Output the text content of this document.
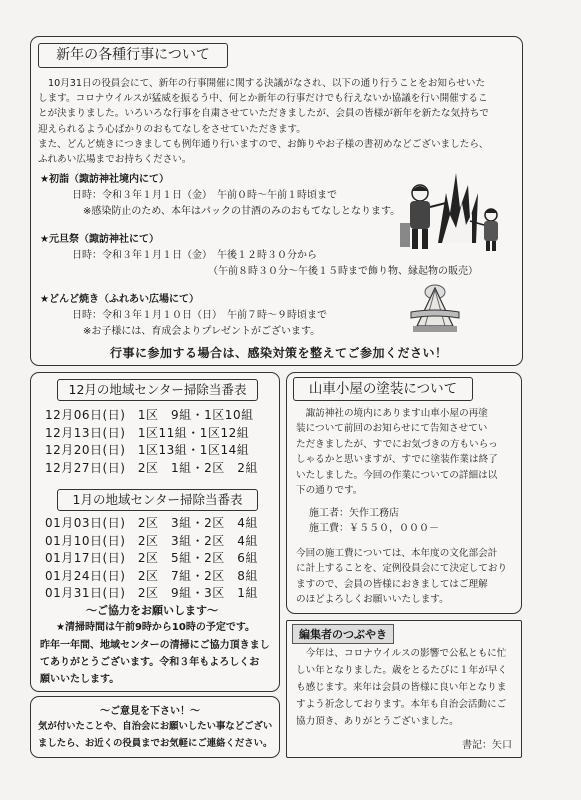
新年の各種行事について
10月31日の役員会にて、新年の行事開催に関する決議がなされ、以下の通り行うことをお知らせいた
します。コロナウイルスが猛威を振るう中、何とか新年の行事だけでも行えないか協議を行い開催するこ
とが決まりました。いろいろな行事を自粛させていただきましたが、会員の皆様が新年を新たな気持ちで
迎えられるよう心ばかりのおもてなしをさせていただきます。
また、どんど焼きにつきましても例年通り行いますので、お飾りやお子様の書初めなどございましたら、
ふれあい広場までお持ちください。
★初詣（諏訪神社境内にて）
日時：令和３年１月１日（金）　午前０時～午前１時頃まで
※感染防止のため、本年はパックの甘酒のみのおもてなしとなります。
★元旦祭（諏訪神社にて）
日時：令和３年１月１日（金）　午後１２時３０分から
（午前８時３０分～午後１５時まで飾り物、縁起物の販売）
★どんど焼き（ふれあい広場にて）
日時：令和３年１月１０日（日）　午前７時～９時頃まで
※お子様には、育成会よりプレゼントがございます。
行事に参加する場合は、感染対策を整えてご参加ください！
12月の地域センター掃除当番表
12月06日(日)　1区　9組・1区10組
12月13日(日)　1区11組・1区12組
12月20日(日)　1区13組・1区14組
12月27日(日)　2区　1組・2区　2組
1月の地域センター掃除当番表
01月03日(日)　2区　3組・2区　4組
01月10日(日)　2区　3組・2区　4組
01月17日(日)　2区　5組・2区　6組
01月24日(日)　2区　7組・2区　8組
01月31日(日)　2区　9組・3区　1組
～ご協力をお願いします～
★清掃時間は午前9時から10時の予定です。
昨年一年間、地域センターの清掃にご協力頂きまし
てありがとうございます。令和３年もよろしくお
願いいたします。
～ご意見を下さい！～
気が付いたことや、自治会にお願いしたい事などござい
ましたら、お近くの役員までお気軽にご連絡ください。
山車小屋の塗装について
　諏訪神社の境内にあります山車小屋の再塗
装について前回のお知らせにて告知させてい
ただきましたが、すでにお気づきの方もいらっ
しゃるかと思いますが、すでに塗装作業は終了
いたしました。今回の作業についての詳細は以
下の通りです。
施工者：矢作工務店
施工費：￥５５０，０００－
今回の施工費については、本年度の文化部会計
に計上することを、定例役員会にて決定しており
ますので、会員の皆様におきましてはご理解
のほどよろしくお願いいたします。
編集者のつぶやき
　今年は、コロナウイルスの影響で公私ともに忙
しい年となりました。歳をとるたびに１年が早く
も感じます。来年は会員の皆様に良い年となりま
すよう祈念しております。本年も自治会活動にご
協力頂き、ありがとうございました。
書記：矢口
